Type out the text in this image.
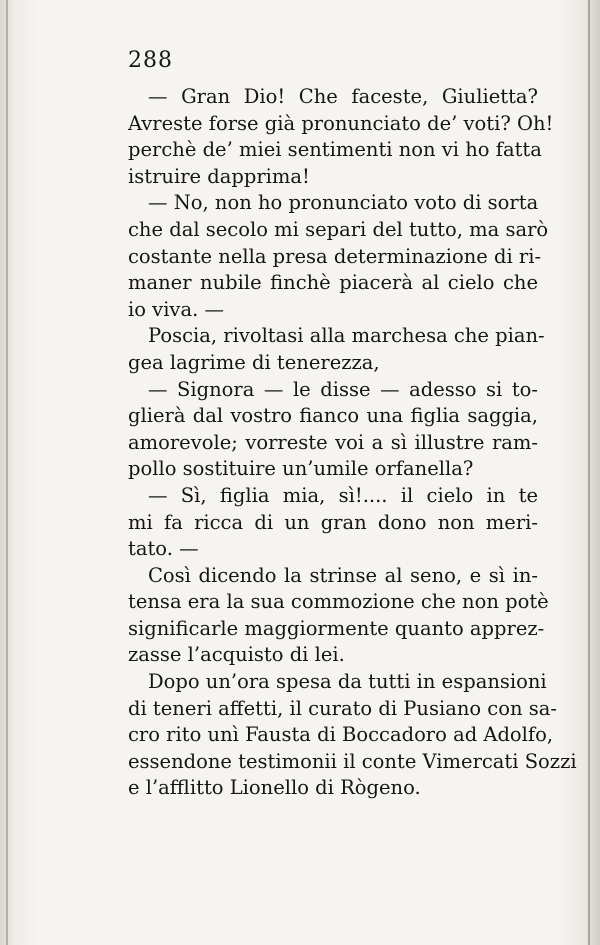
288
— Gran Dio! Che faceste, Giulietta?
Avreste forse già pronunciato de’ voti? Oh!
perchè de’ miei sentimenti non vi ho fatta
istruire dapprima!
— No, non ho pronunciato voto di sorta
che dal secolo mi separi del tutto, ma sarò
costante nella presa determinazione di ri-
maner nubile finchè piacerà al cielo che
io viva. —
Poscia, rivoltasi alla marchesa che pian-
gea lagrime di tenerezza,
— Signora — le disse — adesso si to-
glierà dal vostro fianco una figlia saggia,
amorevole; vorreste voi a sì illustre ram-
pollo sostituire un’umile orfanella?
— Sì, figlia mia, sì!.... il cielo in te
mi fa ricca di un gran dono non meri-
tato. —
Così dicendo la strinse al seno, e sì in-
tensa era la sua commozione che non potè
significarle maggiormente quanto apprez-
zasse l’acquisto di lei.
Dopo un’ora spesa da tutti in espansioni
di teneri affetti, il curato di Pusiano con sa-
cro rito unì Fausta di Boccadoro ad Adolfo,
essendone testimonii il conte Vimercati Sozzi
e l’afflitto Lionello di Rògeno.
